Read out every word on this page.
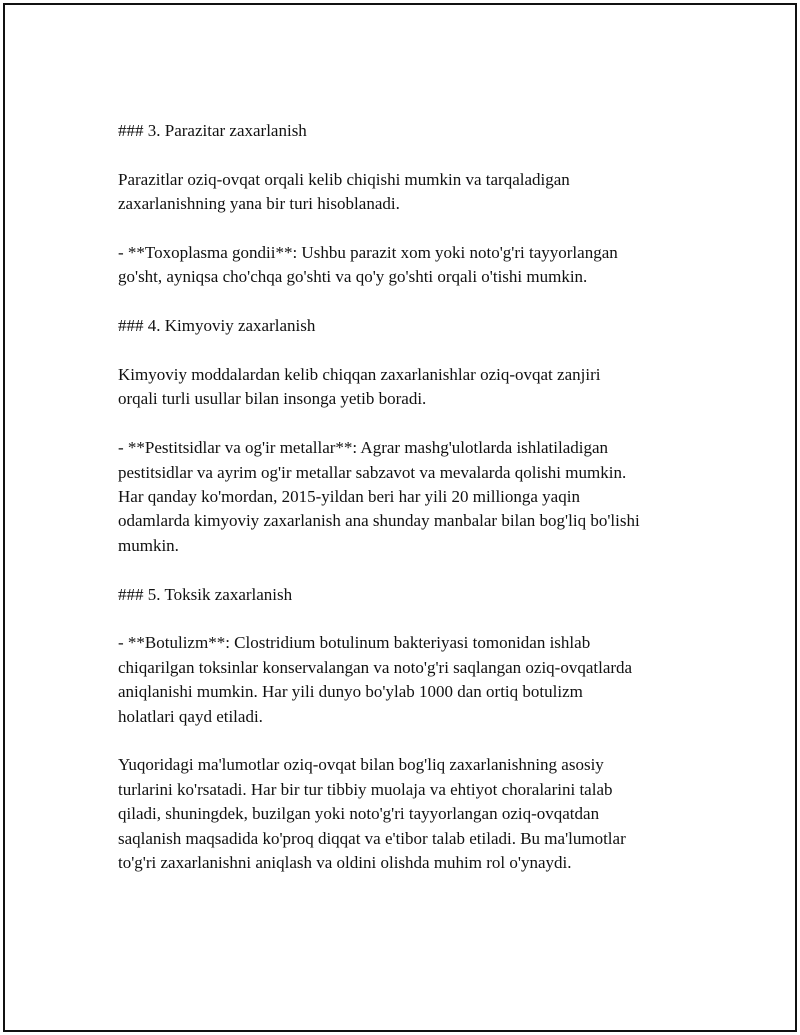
### 3. Parazitar zaxarlanish
Parazitlar oziq-ovqat orqali kelib chiqishi mumkin va tarqaladigan
zaxarlanishning yana bir turi hisoblanadi.
- **Toxoplasma gondii**: Ushbu parazit xom yoki noto'g'ri tayyorlangan
go'sht, ayniqsa cho'chqa go'shti va qo'y go'shti orqali o'tishi mumkin.
### 4. Kimyoviy zaxarlanish
Kimyoviy moddalardan kelib chiqqan zaxarlanishlar oziq-ovqat zanjiri
orqali turli usullar bilan insonga yetib boradi.
- **Pestitsidlar va og'ir metallar**: Agrar mashg'ulotlarda ishlatiladigan
pestitsidlar va ayrim og'ir metallar sabzavot va mevalarda qolishi mumkin.
Har qanday ko'mordan, 2015-yildan beri har yili 20 millionga yaqin
odamlarda kimyoviy zaxarlanish ana shunday manbalar bilan bog'liq bo'lishi
mumkin.
### 5. Toksik zaxarlanish
- **Botulizm**: Clostridium botulinum bakteriyasi tomonidan ishlab
chiqarilgan toksinlar konservalangan va noto'g'ri saqlangan oziq-ovqatlarda
aniqlanishi mumkin. Har yili dunyo bo'ylab 1000 dan ortiq botulizm
holatlari qayd etiladi.
Yuqoridagi ma'lumotlar oziq-ovqat bilan bog'liq zaxarlanishning asosiy
turlarini ko'rsatadi. Har bir tur tibbiy muolaja va ehtiyot choralarini talab
qiladi, shuningdek, buzilgan yoki noto'g'ri tayyorlangan oziq-ovqatdan
saqlanish maqsadida ko'proq diqqat va e'tibor talab etiladi. Bu ma'lumotlar
to'g'ri zaxarlanishni aniqlash va oldini olishda muhim rol o'ynaydi.
